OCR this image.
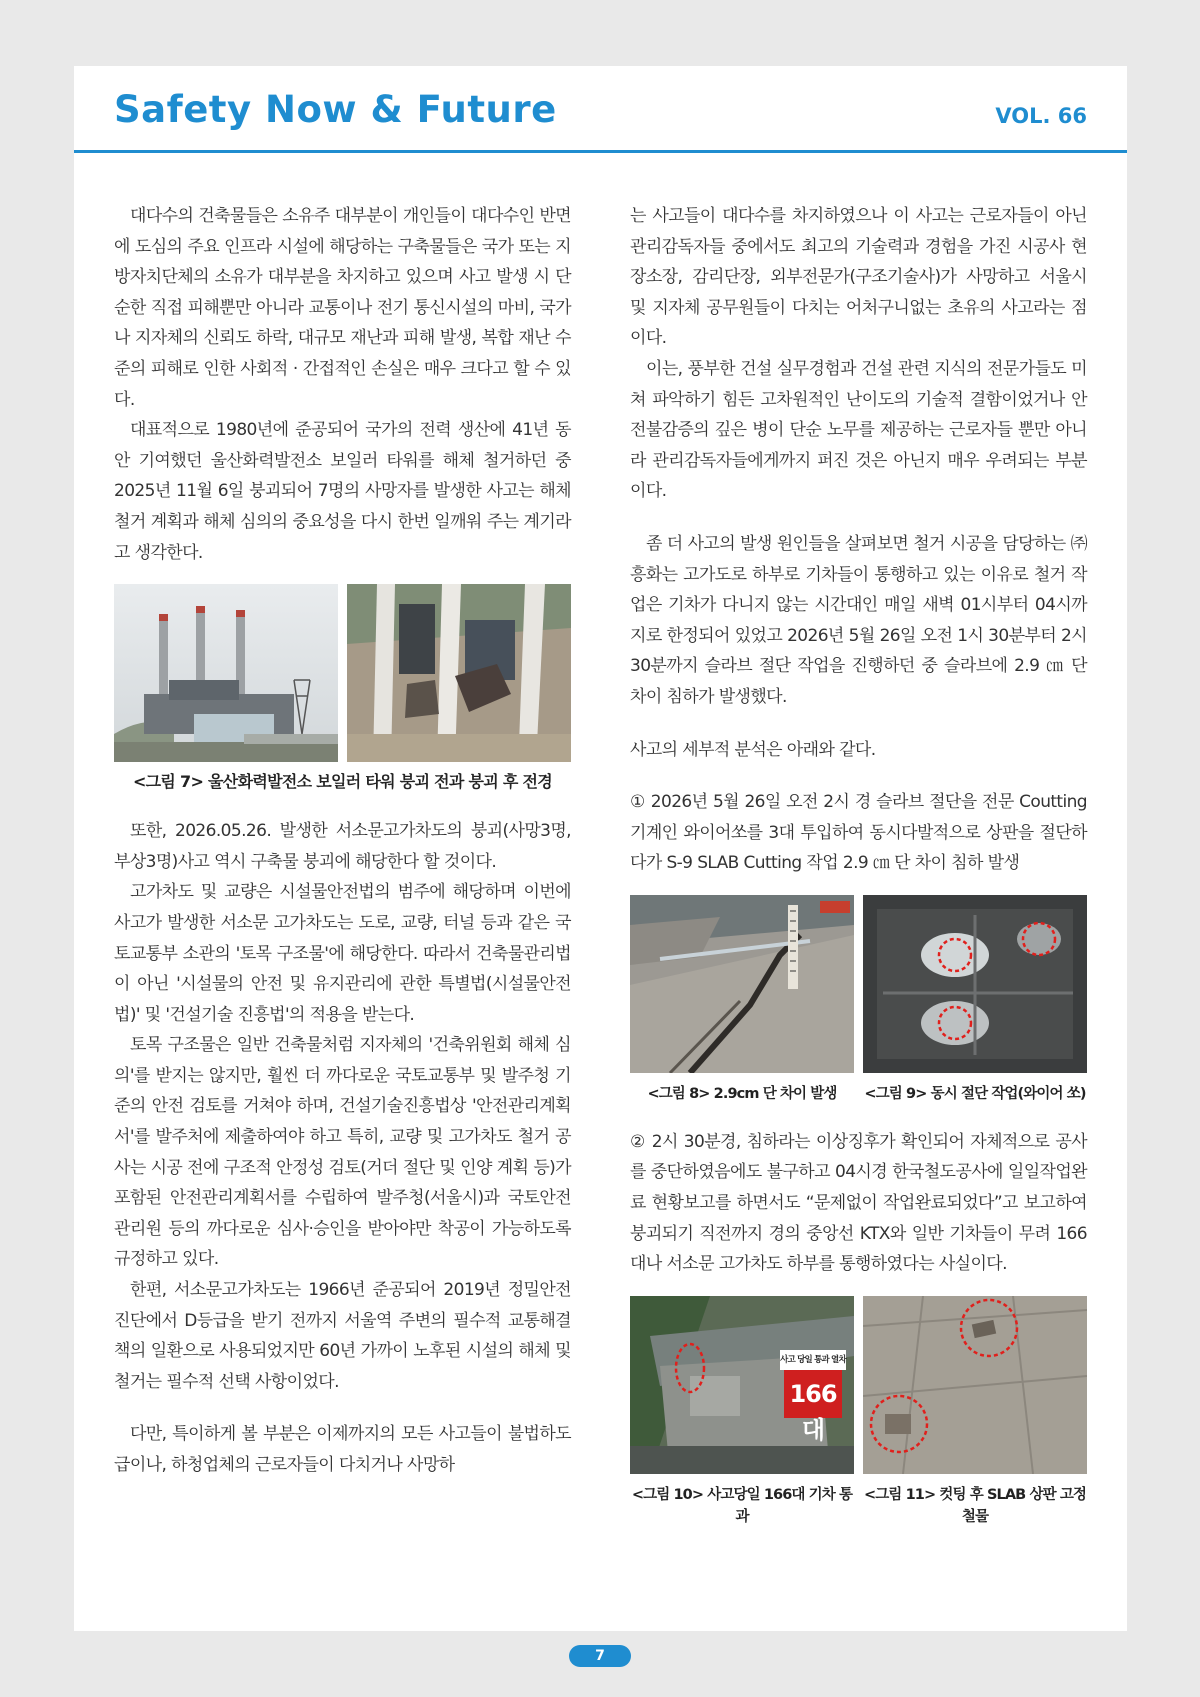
Safety Now & Future	VOL. 66

대다수의 건축물들은 소유주 대부분이 개인들이 대다수인 반면에 도심의 주요 인프라 시설에 해당하는 구축물들은 국가 또는 지방자치단체의 소유가 대부분을 차지하고 있으며 사고 발생 시 단순한 직접 피해뿐만 아니라 교통이나 전기 통신시설의 마비, 국가나 지자체의 신뢰도 하락, 대규모 재난과 피해 발생, 복합 재난 수준의 피해로 인한 사회적 · 간접적인 손실은 매우 크다고 할 수 있다.

대표적으로 1980년에 준공되어 국가의 전력 생산에 41년 동안 기여했던 울산화력발전소 보일러 타워를 해체 철거하던 중 2025년 11월 6일 붕괴되어 7명의 사망자를 발생한 사고는 해체 철거 계획과 해체 심의의 중요성을 다시 한번 일깨워 주는 계기라고 생각한다.

<그림 7> 울산화력발전소 보일러 타워 붕괴 전과 붕괴 후 전경

또한, 2026.05.26. 발생한 서소문고가차도의 붕괴(사망3명, 부상3명)사고 역시 구축물 붕괴에 해당한다 할 것이다.

고가차도 및 교량은 시설물안전법의 범주에 해당하며 이번에 사고가 발생한 서소문 고가차도는 도로, 교량, 터널 등과 같은 국토교통부 소관의 '토목 구조물'에 해당한다. 따라서 건축물관리법이 아닌 '시설물의 안전 및 유지관리에 관한 특별법(시설물안전법)' 및 '건설기술 진흥법'의 적용을 받는다.

토목 구조물은 일반 건축물처럼 지자체의 '건축위원회 해체 심의'를 받지는 않지만, 훨씬 더 까다로운 국토교통부 및 발주청 기준의 안전 검토를 거쳐야 하며, 건설기술진흥법상 '안전관리계획서'를 발주처에 제출하여야 하고 특히, 교량 및 고가차도 철거 공사는 시공 전에 구조적 안정성 검토(거더 절단 및 인양 계획 등)가 포함된 안전관리계획서를 수립하여 발주청(서울시)과 국토안전관리원 등의 까다로운 심사·승인을 받아야만 착공이 가능하도록 규정하고 있다.

한편, 서소문고가차도는 1966년 준공되어 2019년 정밀안전진단에서 D등급을 받기 전까지 서울역 주변의 필수적 교통해결책의 일환으로 사용되었지만 60년 가까이 노후된 시설의 해체 및 철거는 필수적 선택 사항이었다.

다만, 특이하게 볼 부분은 이제까지의 모든 사고들이 불법하도급이나, 하청업체의 근로자들이 다치거나 사망하

는 사고들이 대다수를 차지하였으나 이 사고는 근로자들이 아닌 관리감독자들 중에서도 최고의 기술력과 경험을 가진 시공사 현장소장, 감리단장, 외부전문가(구조기술사)가 사망하고 서울시 및 지자체 공무원들이 다치는 어처구니없는 초유의 사고라는 점이다.

이는, 풍부한 건설 실무경험과 건설 관련 지식의 전문가들도 미쳐 파악하기 힘든 고차원적인 난이도의 기술적 결함이었거나 안전불감증의 깊은 병이 단순 노무를 제공하는 근로자들 뿐만 아니라 관리감독자들에게까지 퍼진 것은 아닌지 매우 우려되는 부분이다.

좀 더 사고의 발생 원인들을 살펴보면 철거 시공을 담당하는 ㈜흥화는 고가도로 하부로 기차들이 통행하고 있는 이유로 철거 작업은 기차가 다니지 않는 시간대인 매일 새벽 01시부터 04시까지로 한정되어 있었고 2026년 5월 26일 오전 1시 30분부터 2시 30분까지 슬라브 절단 작업을 진행하던 중 슬라브에 2.9 ㎝ 단 차이 침하가 발생했다.

사고의 세부적 분석은 아래와 같다.

① 2026년 5월 26일 오전 2시 경 슬라브 절단을 전문 Coutting 기계인 와이어쏘를 3대 투입하여 동시다발적으로 상판을 절단하다가 S-9 SLAB Cutting 작업 2.9 ㎝ 단 차이 침하 발생

<그림 8> 2.9cm 단 차이 발생	<그림 9> 동시 절단 작업(와이어 쏘)

② 2시 30분경, 침하라는 이상징후가 확인되어 자체적으로 공사를 중단하였음에도 불구하고 04시경 한국철도공사에 일일작업완료 현황보고를 하면서도 “문제없이 작업완료되었다”고 보고하여 붕괴되기 직전까지 경의 중앙선 KTX와 일반 기차들이 무려 166대나 서소문 고가차도 하부를 통행하였다는 사실이다.

사고 당일 통과 열차
166대
<그림 10> 사고당일 166대 기차 통과
<그림 11> 컷팅 후 SLAB 상판 고정철물
7
